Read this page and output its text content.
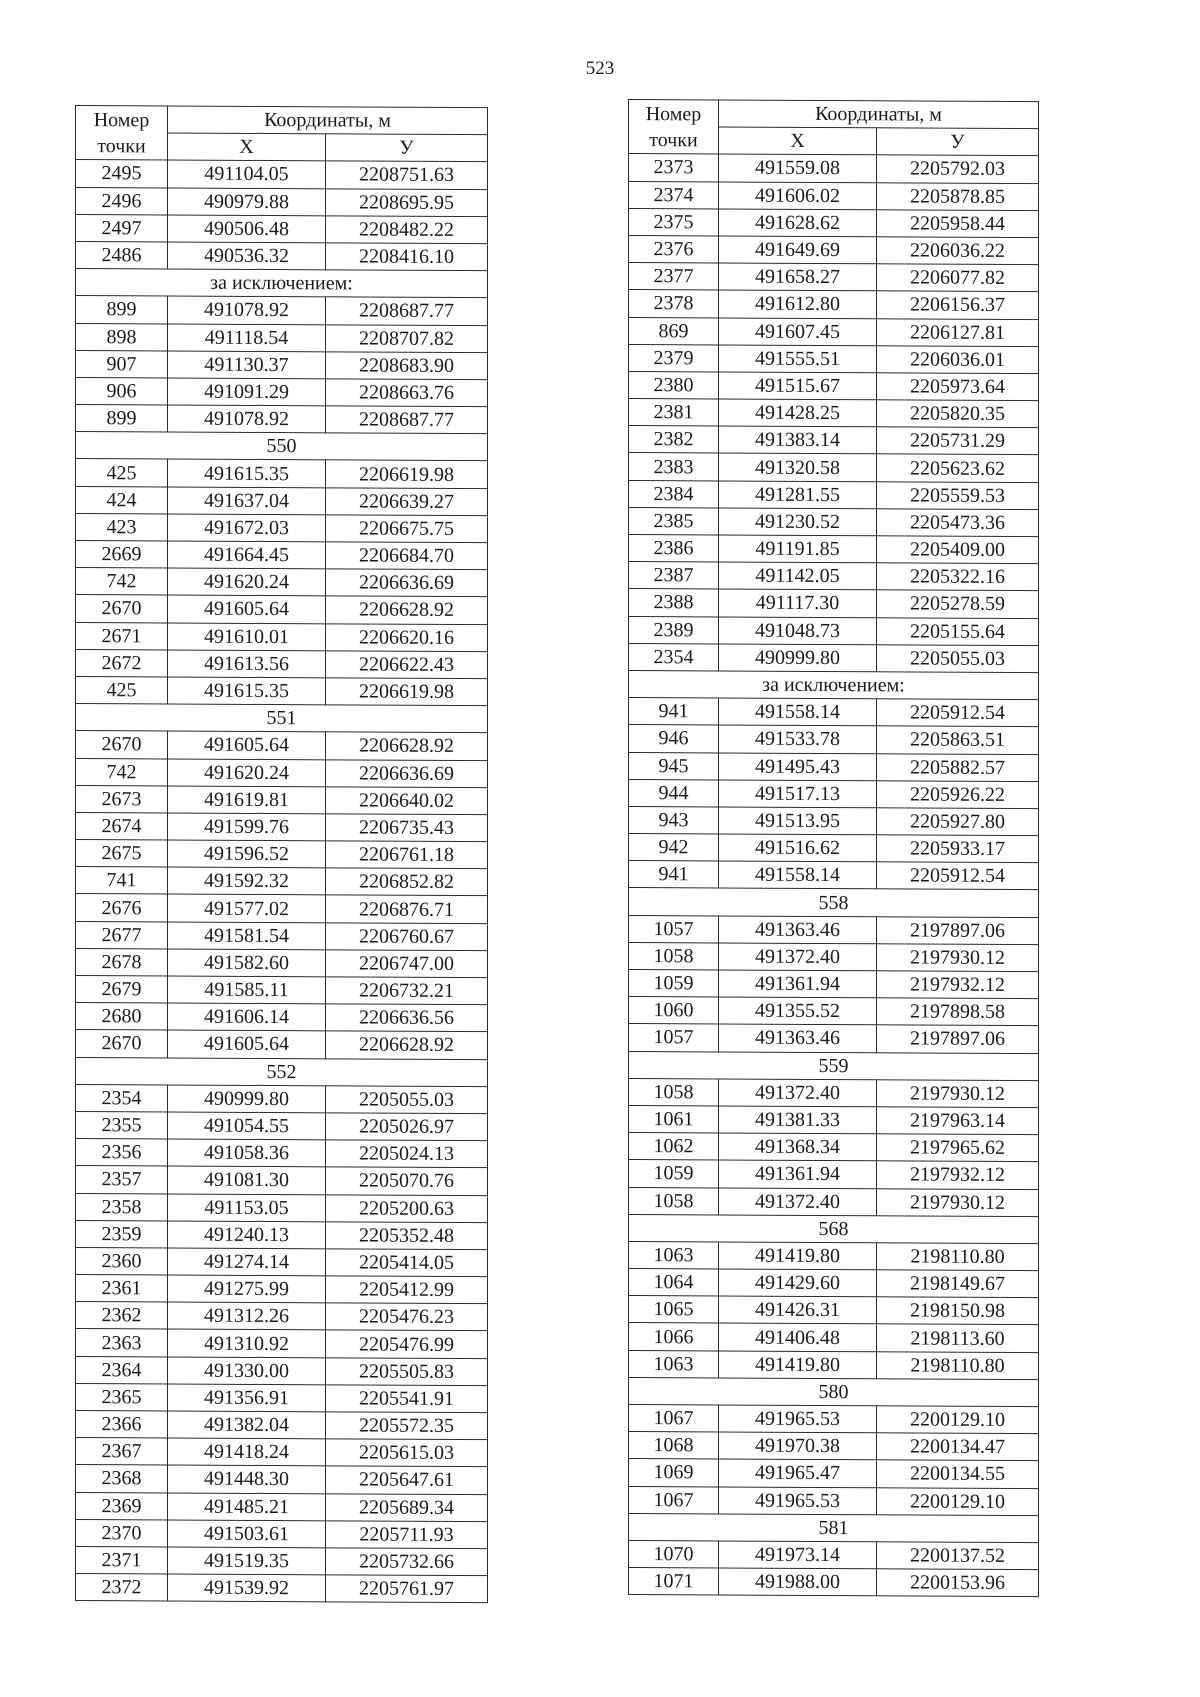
523
Номер
точки	Координаты, м	
	X	У
2495	491104.05	2208751.63
2496	490979.88	2208695.95
2497	490506.48	2208482.22
2486	490536.32	2208416.10
за исключением:		
899	491078.92	2208687.77
898	491118.54	2208707.82
907	491130.37	2208683.90
906	491091.29	2208663.76
899	491078.92	2208687.77
550		
425	491615.35	2206619.98
424	491637.04	2206639.27
423	491672.03	2206675.75
2669	491664.45	2206684.70
742	491620.24	2206636.69
2670	491605.64	2206628.92
2671	491610.01	2206620.16
2672	491613.56	2206622.43
425	491615.35	2206619.98
551		
2670	491605.64	2206628.92
742	491620.24	2206636.69
2673	491619.81	2206640.02
2674	491599.76	2206735.43
2675	491596.52	2206761.18
741	491592.32	2206852.82
2676	491577.02	2206876.71
2677	491581.54	2206760.67
2678	491582.60	2206747.00
2679	491585.11	2206732.21
2680	491606.14	2206636.56
2670	491605.64	2206628.92
552		
2354	490999.80	2205055.03
2355	491054.55	2205026.97
2356	491058.36	2205024.13
2357	491081.30	2205070.76
2358	491153.05	2205200.63
2359	491240.13	2205352.48
2360	491274.14	2205414.05
2361	491275.99	2205412.99
2362	491312.26	2205476.23
2363	491310.92	2205476.99
2364	491330.00	2205505.83
2365	491356.91	2205541.91
2366	491382.04	2205572.35
2367	491418.24	2205615.03
2368	491448.30	2205647.61
2369	491485.21	2205689.34
2370	491503.61	2205711.93
2371	491519.35	2205732.66
2372	491539.92	2205761.97
Номер
точки	Координаты, м	
	X	У
2373	491559.08	2205792.03
2374	491606.02	2205878.85
2375	491628.62	2205958.44
2376	491649.69	2206036.22
2377	491658.27	2206077.82
2378	491612.80	2206156.37
869	491607.45	2206127.81
2379	491555.51	2206036.01
2380	491515.67	2205973.64
2381	491428.25	2205820.35
2382	491383.14	2205731.29
2383	491320.58	2205623.62
2384	491281.55	2205559.53
2385	491230.52	2205473.36
2386	491191.85	2205409.00
2387	491142.05	2205322.16
2388	491117.30	2205278.59
2389	491048.73	2205155.64
2354	490999.80	2205055.03
за исключением:		
941	491558.14	2205912.54
946	491533.78	2205863.51
945	491495.43	2205882.57
944	491517.13	2205926.22
943	491513.95	2205927.80
942	491516.62	2205933.17
941	491558.14	2205912.54
558		
1057	491363.46	2197897.06
1058	491372.40	2197930.12
1059	491361.94	2197932.12
1060	491355.52	2197898.58
1057	491363.46	2197897.06
559		
1058	491372.40	2197930.12
1061	491381.33	2197963.14
1062	491368.34	2197965.62
1059	491361.94	2197932.12
1058	491372.40	2197930.12
568		
1063	491419.80	2198110.80
1064	491429.60	2198149.67
1065	491426.31	2198150.98
1066	491406.48	2198113.60
1063	491419.80	2198110.80
580		
1067	491965.53	2200129.10
1068	491970.38	2200134.47
1069	491965.47	2200134.55
1067	491965.53	2200129.10
581		
1070	491973.14	2200137.52
1071	491988.00	2200153.96
